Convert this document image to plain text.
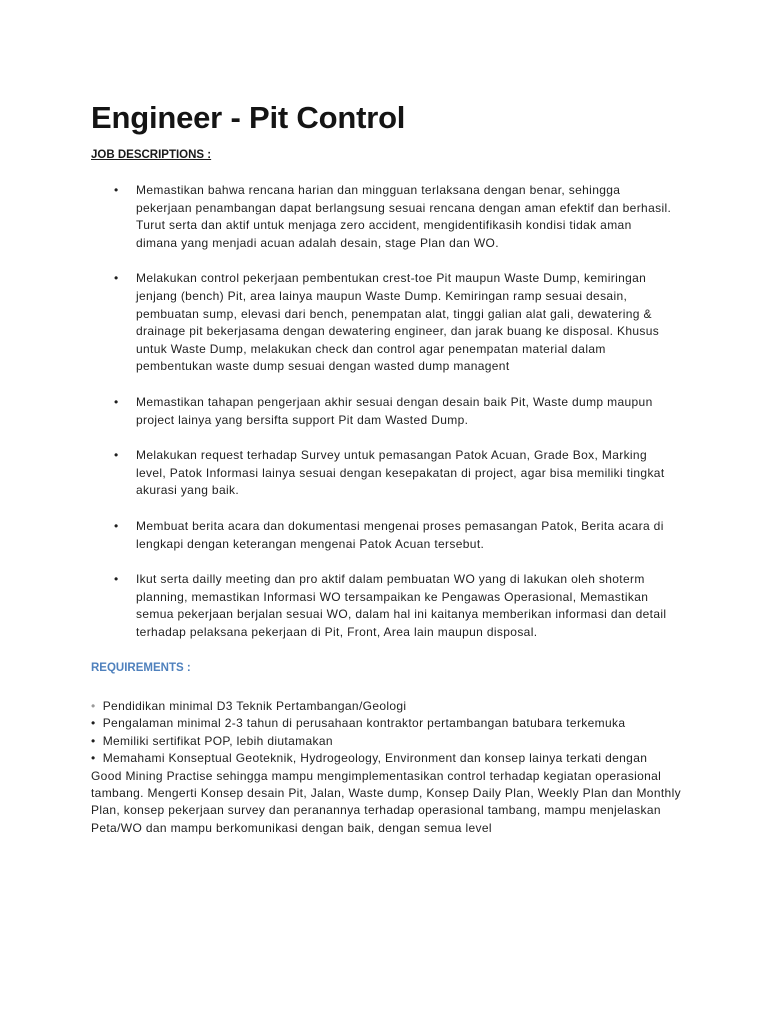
Engineer - Pit Control

JOB DESCRIPTIONS :

• Memastikan bahwa rencana harian dan mingguan terlaksana dengan benar, sehingga pekerjaan penambangan dapat berlangsung sesuai rencana dengan aman efektif dan berhasil. Turut serta dan aktif untuk menjaga zero accident, mengidentifikasih kondisi tidak aman dimana yang menjadi acuan adalah desain, stage Plan dan WO.
• Melakukan control pekerjaan pembentukan crest-toe Pit maupun Waste Dump, kemiringan jenjang (bench) Pit, area lainya maupun Waste Dump. Kemiringan ramp sesuai desain, pembuatan sump, elevasi dari bench, penempatan alat, tinggi galian alat gali, dewatering & drainage pit bekerjasama dengan dewatering engineer, dan jarak buang ke disposal. Khusus untuk Waste Dump, melakukan check dan control agar penempatan material dalam pembentukan waste dump sesuai dengan wasted dump managent
• Memastikan tahapan pengerjaan akhir sesuai dengan desain baik Pit, Waste dump maupun project lainya yang bersifta support Pit dam Wasted Dump.
• Melakukan request terhadap Survey untuk pemasangan Patok Acuan, Grade Box, Marking level, Patok Informasi lainya sesuai dengan kesepakatan di project, agar bisa memiliki tingkat akurasi yang baik.
• Membuat berita acara dan dokumentasi mengenai proses pemasangan Patok, Berita acara di lengkapi dengan keterangan mengenai Patok Acuan tersebut.
• Ikut serta dailly meeting dan pro aktif dalam pembuatan WO yang di lakukan oleh shoterm planning, memastikan Informasi WO tersampaikan ke Pengawas Operasional, Memastikan semua pekerjaan berjalan sesuai WO, dalam hal ini kaitanya memberikan informasi dan detail terhadap pelaksana pekerjaan di Pit, Front, Area lain maupun disposal.

REQUIREMENTS :

• Pendidikan minimal D3 Teknik Pertambangan/Geologi
• Pengalaman minimal 2-3 tahun di perusahaan kontraktor pertambangan batubara terkemuka
• Memiliki sertifikat POP, lebih diutamakan
• Memahami Konseptual Geoteknik, Hydrogeology, Environment dan konsep lainya terkati dengan Good Mining Practise sehingga mampu mengimplementasikan control terhadap kegiatan operasional tambang. Mengerti Konsep desain Pit, Jalan, Waste dump, Konsep Daily Plan, Weekly Plan dan Monthly Plan, konsep pekerjaan survey dan peranannya terhadap operasional tambang, mampu menjelaskan Peta/WO dan mampu berkomunikasi dengan baik, dengan semua level
